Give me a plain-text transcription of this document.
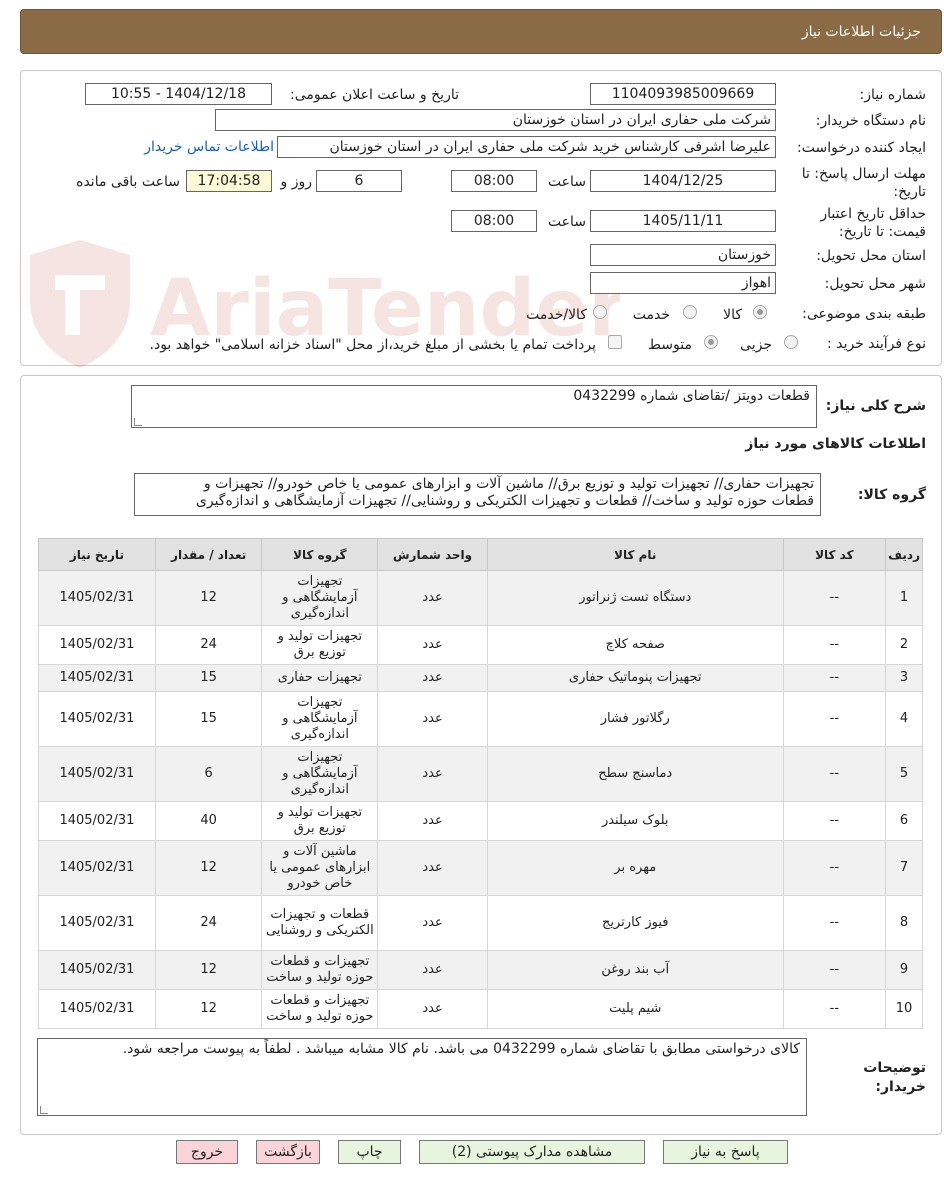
جزئیات اطلاعات نیاز
شماره نیاز:
1104093985009669
تاریخ و ساعت اعلان عمومی:
1404/12/18 - 10:55
نام دستگاه خریدار:
شرکت ملی حفاری ایران در استان خوزستان
ایجاد کننده درخواست:
علیرضا اشرفی کارشناس خرید شرکت ملی حفاری ایران در استان خوزستان
اطلاعات تماس خریدار
مهلت ارسال پاسخ: تا تاریخ:
1404/12/25
ساعت
08:00
6
روز و
17:04:58
ساعت باقی مانده
حداقل تاریخ اعتبار قیمت: تا تاریخ:
1405/11/11
ساعت
08:00
استان محل تحویل:
خوزستان
شهر محل تحویل:
اهواز
طبقه بندی موضوعی:
کالا
خدمت
کالا/خدمت
نوع فرآیند خرید :
جزیی
متوسط
پرداخت تمام یا بخشی از مبلغ خرید،از محل "اسناد خزانه اسلامی" خواهد بود.
شرح کلی نیاز:
قطعات دویتز /تقاضای شماره 0432299
اطلاعات کالاهای مورد نیاز
گروه کالا:
تجهیزات حفاری// تجهیزات تولید و توزیع برق// ماشین آلات و ابزارهای عمومی یا خاص خودرو// تجهیزات و
قطعات حوزه تولید و ساخت// قطعات و تجهیزات الکتریکی و روشنایی// تجهیزات آزمایشگاهی و اندازه‌گیری
ردیف	کد کالا	نام کالا	واحد شمارش	گروه کالا	تعداد / مقدار	تاریخ نیاز
1	--	دستگاه تست ژنراتور	عدد	تجهیزات آزمایشگاهی و اندازه‌گیری	12	1405/02/31
2	--	صفحه کلاچ	عدد	تجهیزات تولید و توزیع برق	24	1405/02/31
3	--	تجهیزات پنوماتیک حفاری	عدد	تجهیزات حفاری	15	1405/02/31
4	--	رگلاتور فشار	عدد	تجهیزات آزمایشگاهی و اندازه‌گیری	15	1405/02/31
5	--	دماسنج سطح	عدد	تجهیزات آزمایشگاهی و اندازه‌گیری	6	1405/02/31
6	--	بلوک سیلندر	عدد	تجهیزات تولید و توزیع برق	40	1405/02/31
7	--	مهره بر	عدد	ماشین آلات و ابزارهای عمومی یا خاص خودرو	12	1405/02/31
8	--	فیوز کارتریج	عدد	قطعات و تجهیزات الکتریکی و روشنایی	24	1405/02/31
9	--	آب بند روغن	عدد	تجهیزات و قطعات حوزه تولید و ساخت	12	1405/02/31
10	--	شیم پلیت	عدد	تجهیزات و قطعات حوزه تولید و ساخت	12	1405/02/31
توضیحات
خریدار:
کالای درخواستی مطابق با تقاضای شماره 0432299 می باشد. نام کالا مشابه میباشد . لطفاً به پیوست مراجعه شود.
پاسخ به نیاز
مشاهده مدارک پیوستی (2)
چاپ
بازگشت
خروج
